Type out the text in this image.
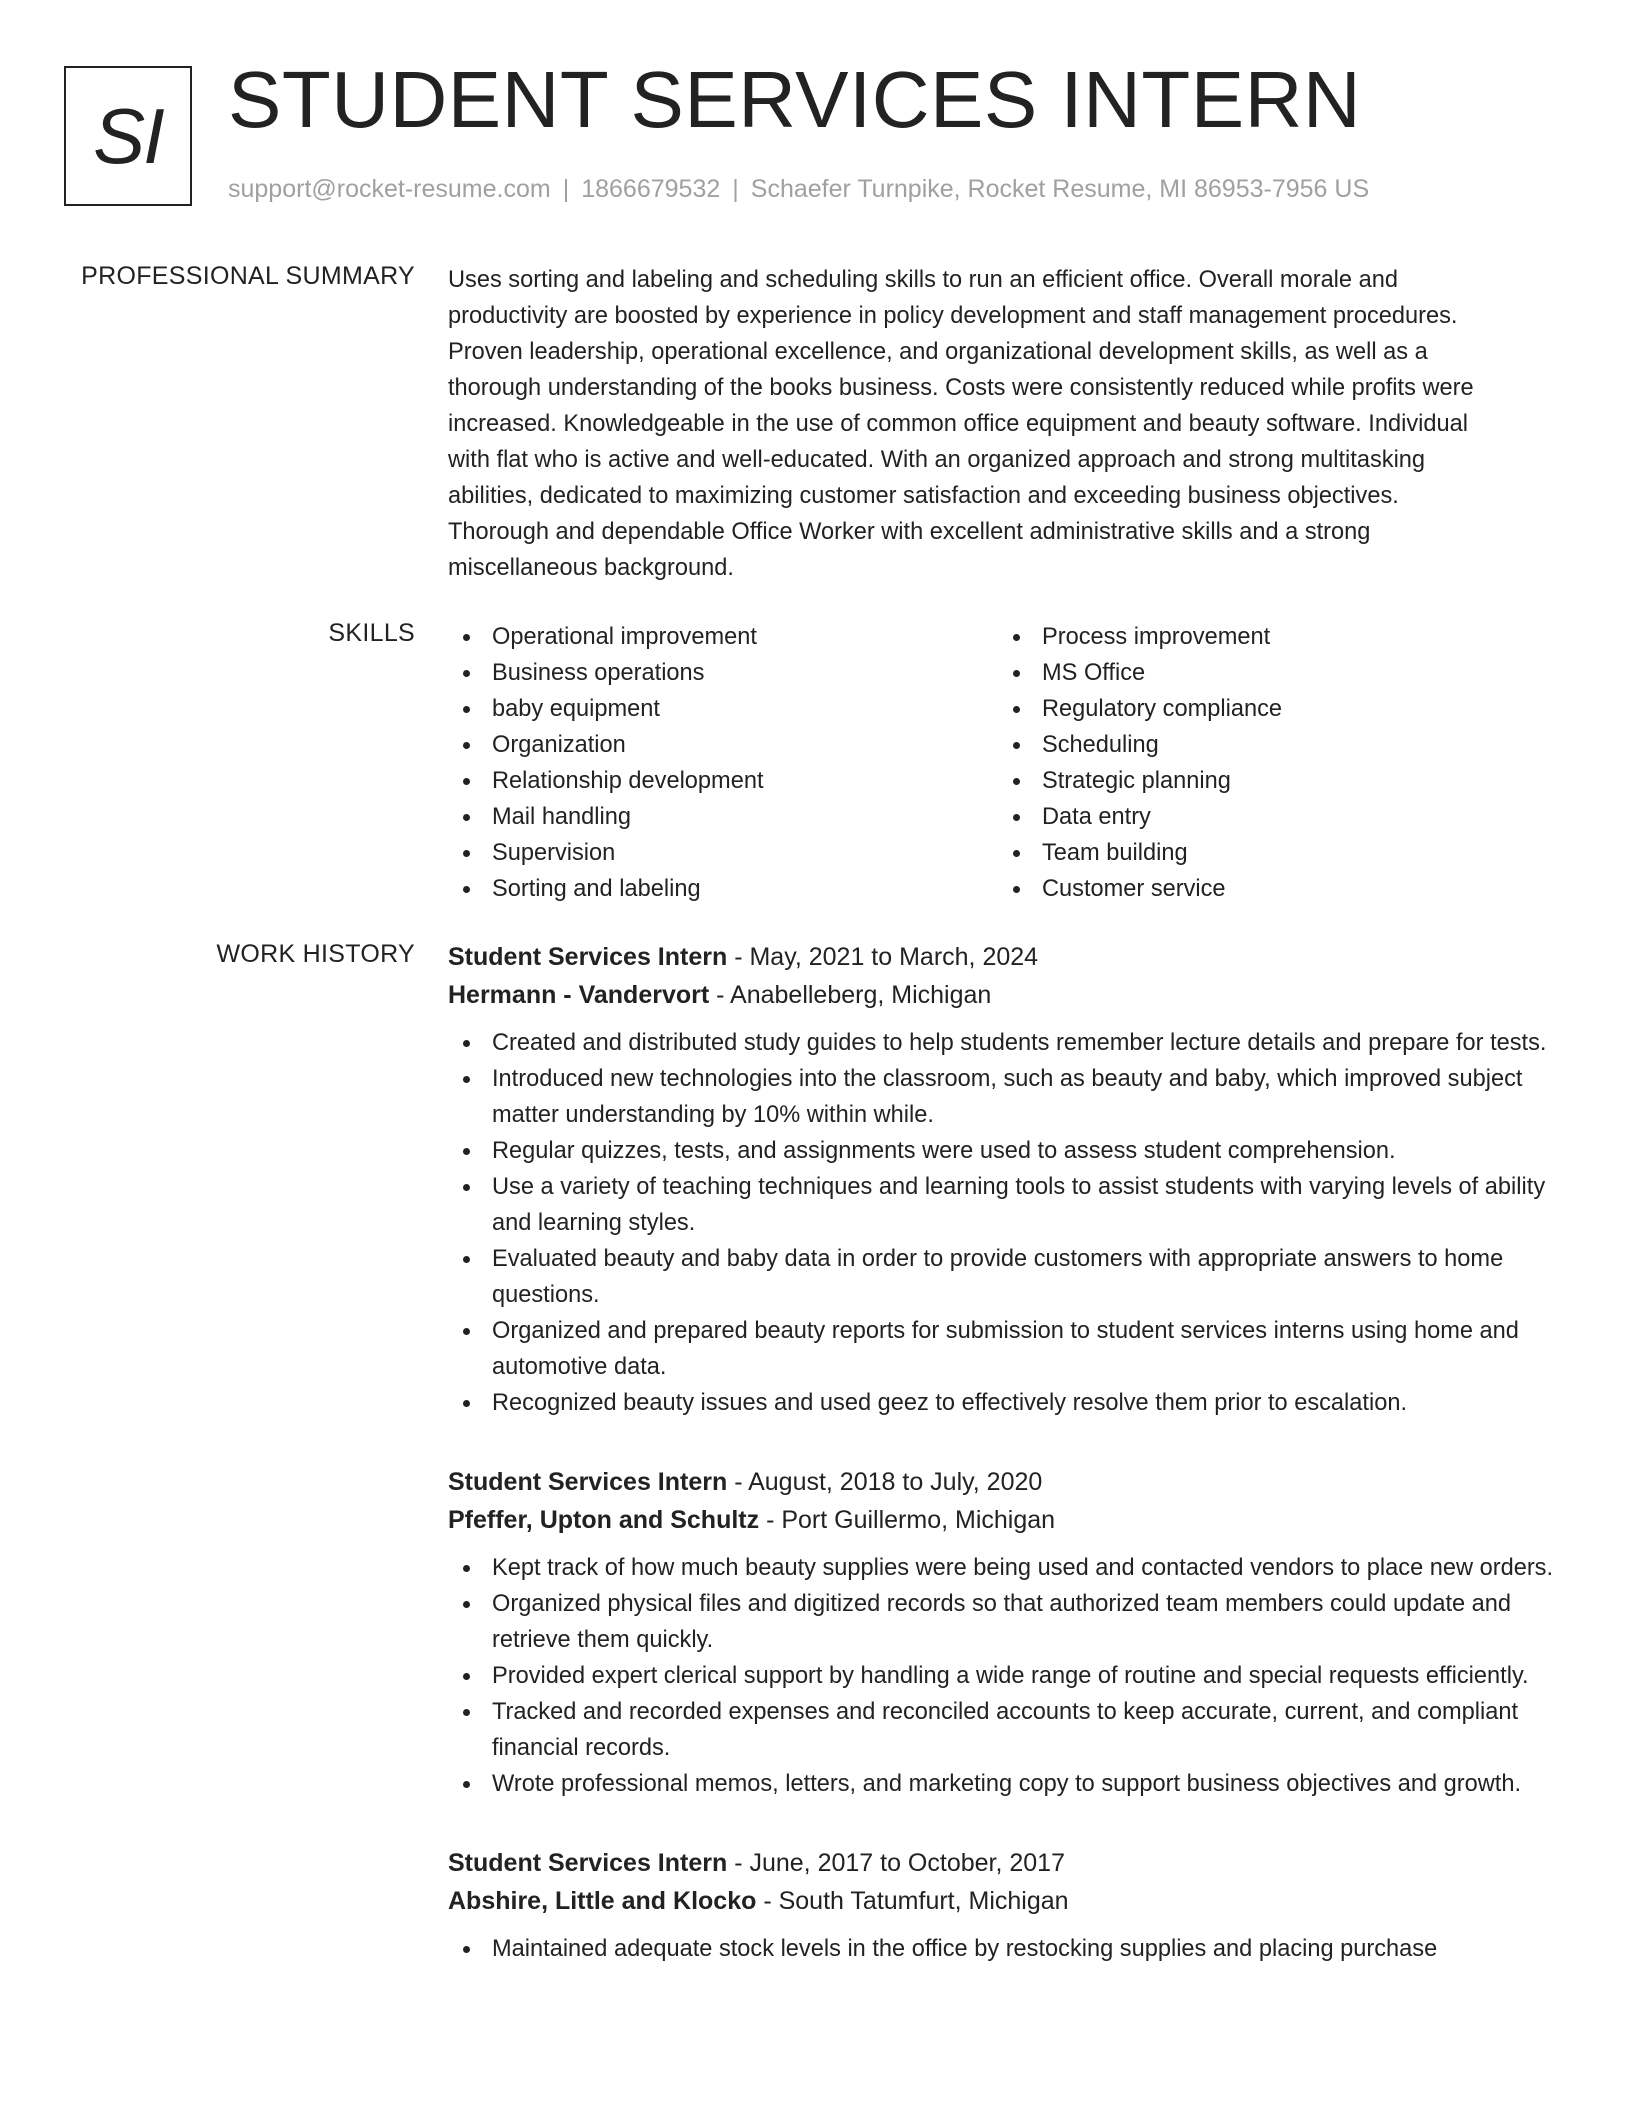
SI STUDENT SERVICES INTERN
support@rocket-resume.com | 1866679532 | Schaefer Turnpike, Rocket Resume, MI 86953-7956 US
PROFESSIONAL SUMMARY Uses sorting and labeling and scheduling skills to run an efficient office. Overall morale and
productivity are boosted by experience in policy development and staff management procedures.
Proven leadership, operational excellence, and organizational development skills, as well as a
thorough understanding of the books business. Costs were consistently reduced while profits were
increased. Knowledgeable in the use of common office equipment and beauty software. Individual
with flat who is active and well-educated. With an organized approach and strong multitasking
abilities, dedicated to maximizing customer satisfaction and exceeding business objectives.
Thorough and dependable Office Worker with excellent administrative skills and a strong
miscellaneous background.
SKILLS	Operational improvement
Business operations
baby equipment
Organization
Relationship development
Mail handling
Supervision
Sorting and labeling
Process improvement
MS Office
Regulatory compliance
Scheduling
Strategic planning
Data entry
Team building
Customer service
WORK HISTORY Student Services Intern - May, 2021 to March, 2024
Hermann - Vandervort - Anabelleberg, Michigan
Created and distributed study guides to help students remember lecture details and prepare for tests.
Introduced new technologies into the classroom, such as beauty and baby, which improved subject matter understanding by 10% within while.
Regular quizzes, tests, and assignments were used to assess student comprehension.
Use a variety of teaching techniques and learning tools to assist students with varying levels of ability and learning styles.
Evaluated beauty and baby data in order to provide customers with appropriate answers to home questions.
Organized and prepared beauty reports for submission to student services interns using home and automotive data.
Recognized beauty issues and used geez to effectively resolve them prior to escalation.
Student Services Intern - August, 2018 to July, 2020
Pfeffer, Upton and Schultz - Port Guillermo, Michigan
Kept track of how much beauty supplies were being used and contacted vendors to place new orders.
Organized physical files and digitized records so that authorized team members could update and retrieve them quickly.
Provided expert clerical support by handling a wide range of routine and special requests efficiently.
Tracked and recorded expenses and reconciled accounts to keep accurate, current, and compliant financial records.
Wrote professional memos, letters, and marketing copy to support business objectives and growth.
Student Services Intern - June, 2017 to October, 2017
Abshire, Little and Klocko - South Tatumfurt, Michigan
Maintained adequate stock levels in the office by restocking supplies and placing purchase
